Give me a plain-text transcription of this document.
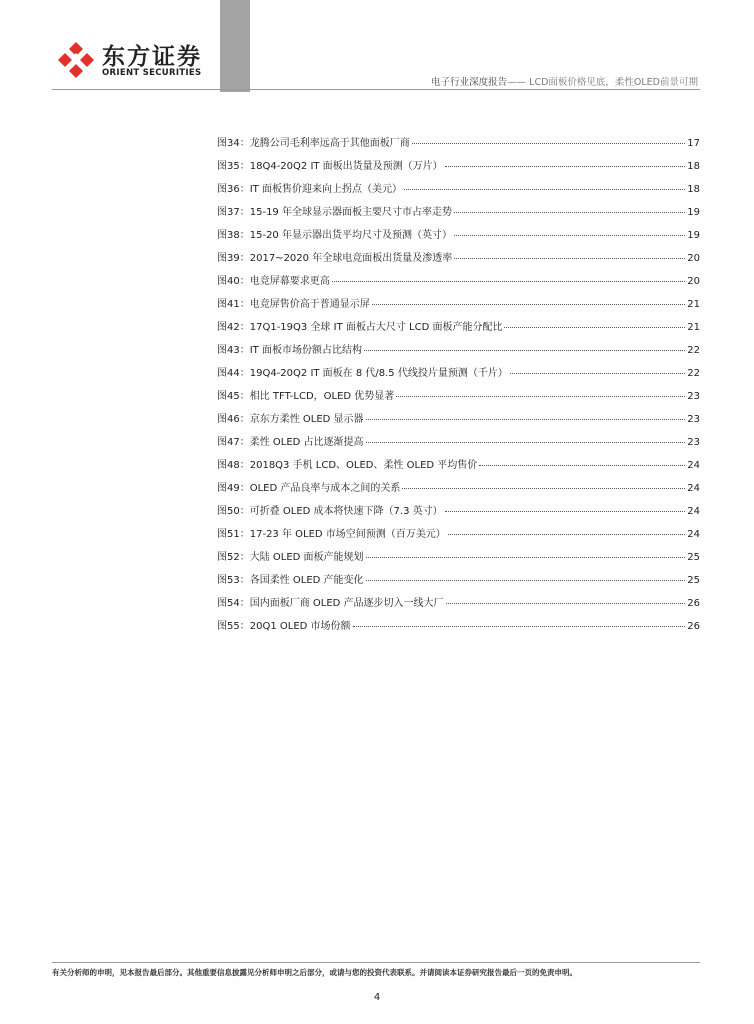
东方证券
ORIENT SECURITIES
电子行业深度报告—— LCD面板价格见底，柔性OLED前景可期
图34：龙腾公司毛利率远高于其他面板厂商	17
图35：18Q4-20Q2 IT 面板出货量及预测（万片）	18
图36：IT 面板售价迎来向上拐点（美元）	18
图37：15-19 年全球显示器面板主要尺寸市占率走势	19
图38：15-20 年显示器出货平均尺寸及预测（英寸）	19
图39：2017~2020 年全球电竞面板出货量及渗透率	20
图40：电竞屏幕要求更高	20
图41：电竞屏售价高于普通显示屏	21
图42：17Q1-19Q3 全球 IT 面板占大尺寸 LCD 面板产能分配比	21
图43：IT 面板市场份额占比结构	22
图44：19Q4-20Q2 IT 面板在 8 代/8.5 代线投片量预测（千片）	22
图45：相比 TFT-LCD，OLED 优势显著	23
图46：京东方柔性 OLED 显示器	23
图47：柔性 OLED 占比逐渐提高	23
图48：2018Q3 手机 LCD、OLED、柔性 OLED 平均售价	24
图49：OLED 产品良率与成本之间的关系	24
图50：可折叠 OLED 成本将快速下降（7.3 英寸）	24
图51：17-23 年 OLED 市场空间预测（百万美元）	24
图52：大陆 OLED 面板产能规划	25
图53：各国柔性 OLED 产能变化	25
图54：国内面板厂商 OLED 产品逐步切入一线大厂	26
图55：20Q1 OLED 市场份额	26
有关分析师的申明，见本报告最后部分。其他重要信息披露见分析师申明之后部分，或请与您的投资代表联系。并请阅读本证券研究报告最后一页的免责申明。
4
